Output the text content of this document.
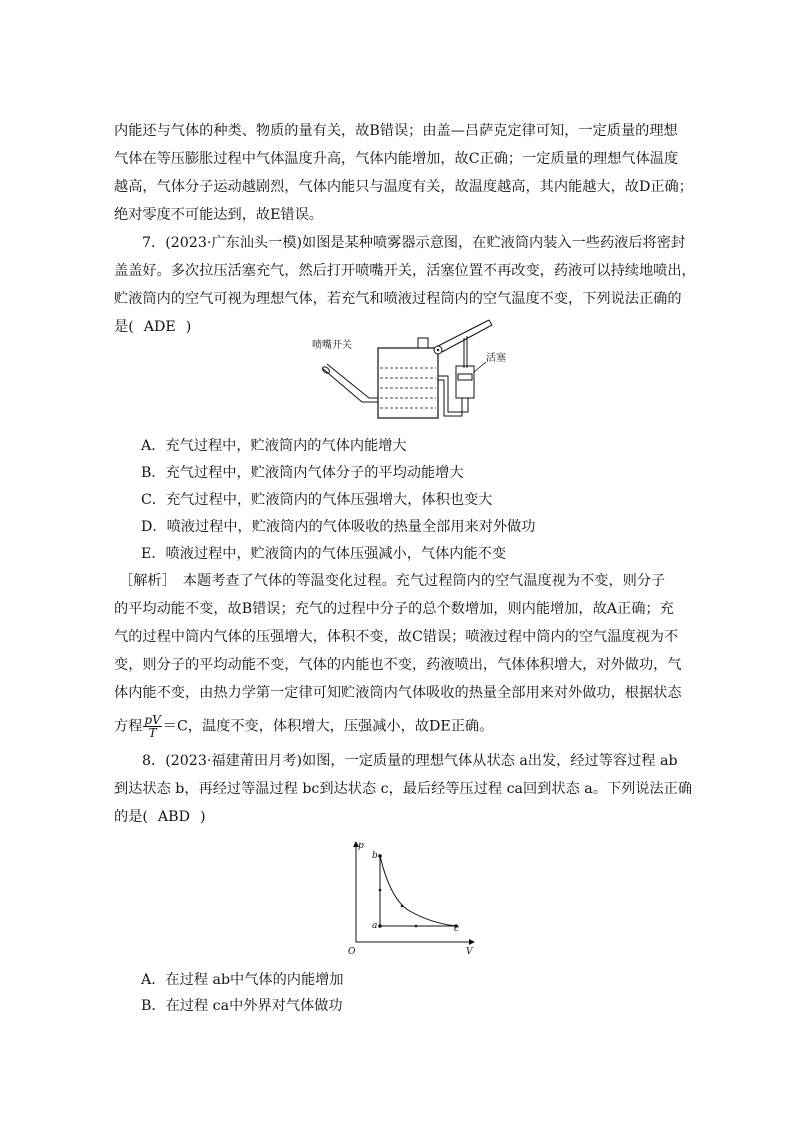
内能还与气体的种类、物质的量有关，故B错误；由盖—吕萨克定律可知，一定质量的理想
气体在等压膨胀过程中气体温度升高，气体内能增加，故C正确；一定质量的理想气体温度
越高，气体分子运动越剧烈，气体内能只与温度有关，故温度越高，其内能越大，故D正确；
绝对零度不可能达到，故E错误。
7．(2023·广东汕头一模)如图是某种喷雾器示意图，在贮液筒内装入一些药液后将密封
盖盖好。多次拉压活塞充气，然后打开喷嘴开关，活塞位置不再改变，药液可以持续地喷出，
贮液筒内的空气可视为理想气体，若充气和喷液过程筒内的空气温度不变，下列说法正确的
是( ADE )
喷嘴开关
活塞
A．充气过程中，贮液筒内的气体内能增大
B．充气过程中，贮液筒内气体分子的平均动能增大
C．充气过程中，贮液筒内的气体压强增大，体积也变大
D．喷液过程中，贮液筒内的气体吸收的热量全部用来对外做功
E．喷液过程中，贮液筒内的气体压强减小，气体内能不变
［解析］　本题考查了气体的等温变化过程。充气过程筒内的空气温度视为不变，则分子
的平均动能不变，故B错误；充气的过程中分子的总个数增加，则内能增加，故A正确；充
气的过程中筒内气体的压强增大，体积不变，故C错误；喷液过程中筒内的空气温度视为不
变，则分子的平均动能不变，气体的内能也不变，药液喷出，气体体积增大，对外做功，气
体内能不变，由热力学第一定律可知贮液筒内气体吸收的热量全部用来对外做功，根据状态
方程 $\frac{pV}{T} =C$，温度不变，体积增大，压强减小，故DE正确。
8．(2023·福建莆田月考)如图，一定质量的理想气体从状态 a出发，经过等容过程 ab
到达状态 b，再经过等温过程 bc到达状态 c，最后经等压过程 ca回到状态 a。下列说法正确
的是( ABD )
p
V
O
b
a	c
A．在过程 ab中气体的内能增加
B．在过程 ca中外界对气体做功
